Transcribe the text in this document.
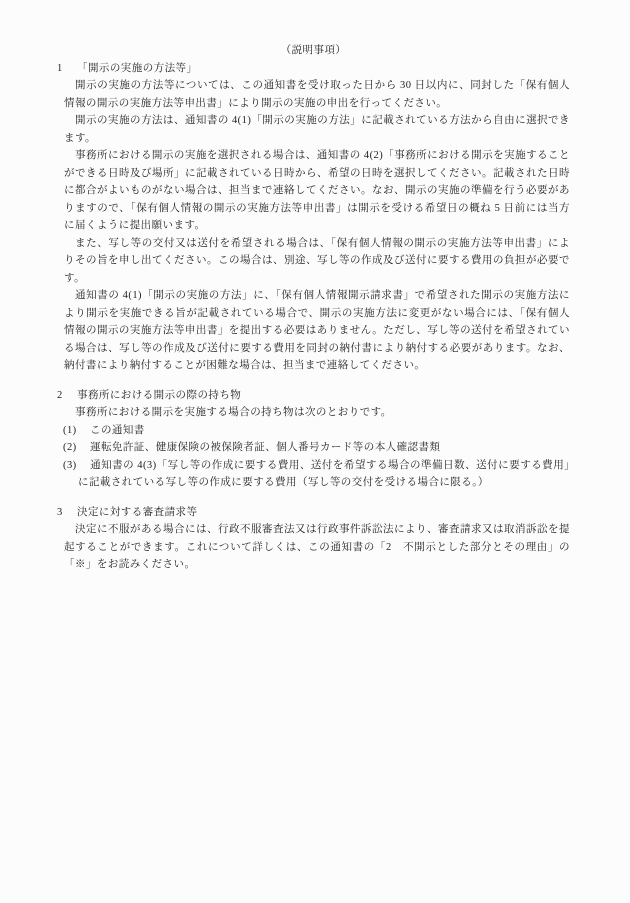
（説明事項）
1 「開示の実施の方法等」

開示の実施の方法等については、この通知書を受け取った日から 30 日以内に、同封した「保有個人情報の開示の実施方法等申出書」により開示の実施の申出を行ってください。

開示の実施の方法は、通知書の 4(1)「開示の実施の方法」に記載されている方法から自由に選択できます。

事務所における開示の実施を選択される場合は、通知書の 4(2)「事務所における開示を実施することができる日時及び場所」に記載されている日時から、希望の日時を選択してください。記載された日時に都合がよいものがない場合は、担当まで連絡してください。なお、開示の実施の準備を行う必要がありますので、「保有個人情報の開示の実施方法等申出書」は開示を受ける希望日の概ね 5 日前には当方に届くように提出願います。

また、写し等の交付又は送付を希望される場合は、「保有個人情報の開示の実施方法等申出書」によりその旨を申し出てください。この場合は、別途、写し等の作成及び送付に要する費用の負担が必要です。

通知書の 4(1)「開示の実施の方法」に、「保有個人情報開示請求書」で希望された開示の実施方法により開示を実施できる旨が記載されている場合で、開示の実施方法に変更がない場合には、「保有個人情報の開示の実施方法等申出書」を提出する必要はありません。ただし、写し等の送付を希望されている場合は、写し等の作成及び送付に要する費用を同封の納付書により納付する必要があります。なお、納付書により納付することが困難な場合は、担当まで連絡してください。

2 事務所における開示の際の持ち物

事務所における開示を実施する場合の持ち物は次のとおりです。

(1) この通知書
(2) 運転免許証、健康保険の被保険者証、個人番号カード等の本人確認書類
(3) 通知書の 4(3)「写し等の作成に要する費用、送付を希望する場合の準備日数、送付に要する費用」に記載されている写し等の作成に要する費用（写し等の交付を受ける場合に限る。）
3 決定に対する審査請求等

決定に不服がある場合には、行政不服審査法又は行政事件訴訟法により、審査請求又は取消訴訟を提起することができます。これについて詳しくは、この通知書の「2　不開示とした部分とその理由」の「※」をお読みください。
